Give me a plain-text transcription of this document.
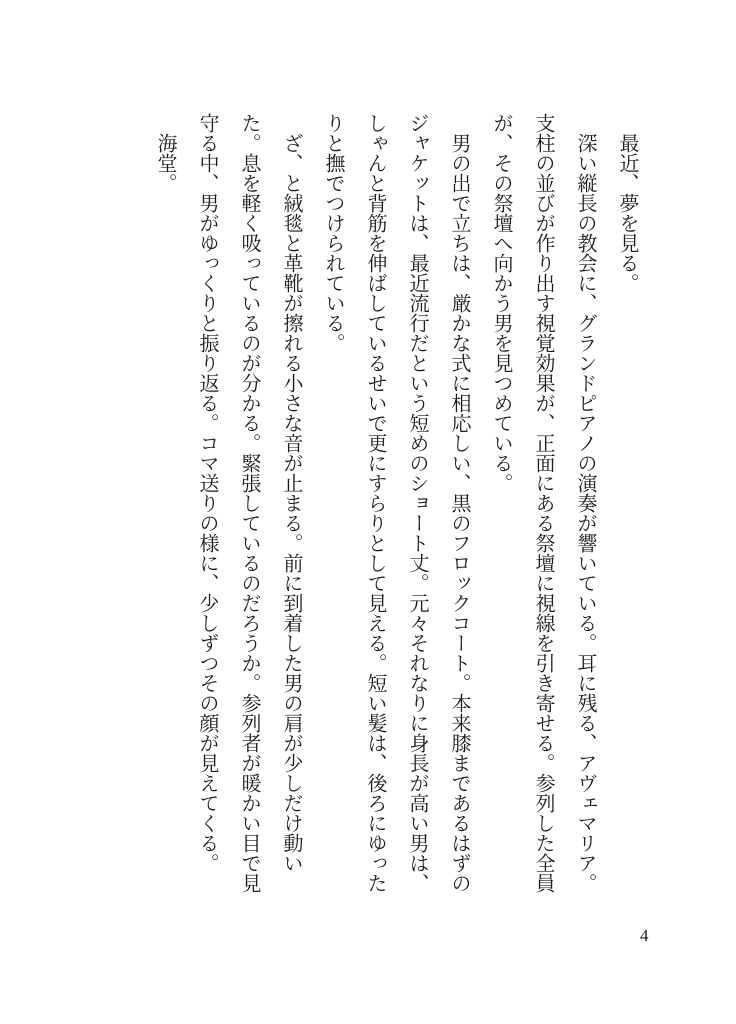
　最近、夢を見る。

　深い縦長の教会に、グランドピアノの演奏が響いている。耳に残る、アヴェマリア。支柱の並びが作り出す視覚効果が、正面にある祭壇に視線を引き寄せる。参列した全員が、その祭壇へ向かう男を見つめている。

　男の出で立ちは、厳かな式に相応しい、黒のフロックコート。本来膝まであるはずのジャケットは、最近流行だという短めのショート丈。元々それなりに身長が高い男は、しゃんと背筋を伸ばしているせいで更にすらりとして見える。短い髪は、後ろにゆったりと撫でつけられている。

　ざ、と絨毯と革靴が擦れる小さな音が止まる。前に到着した男の肩が少しだけ動いた。息を軽く吸っているのが分かる。緊張しているのだろうか。参列者が暖かい目で見守る中、男がゆっくりと振り返る。コマ送りの様に、少しずつその顔が見えてくる。

　海堂。

4
